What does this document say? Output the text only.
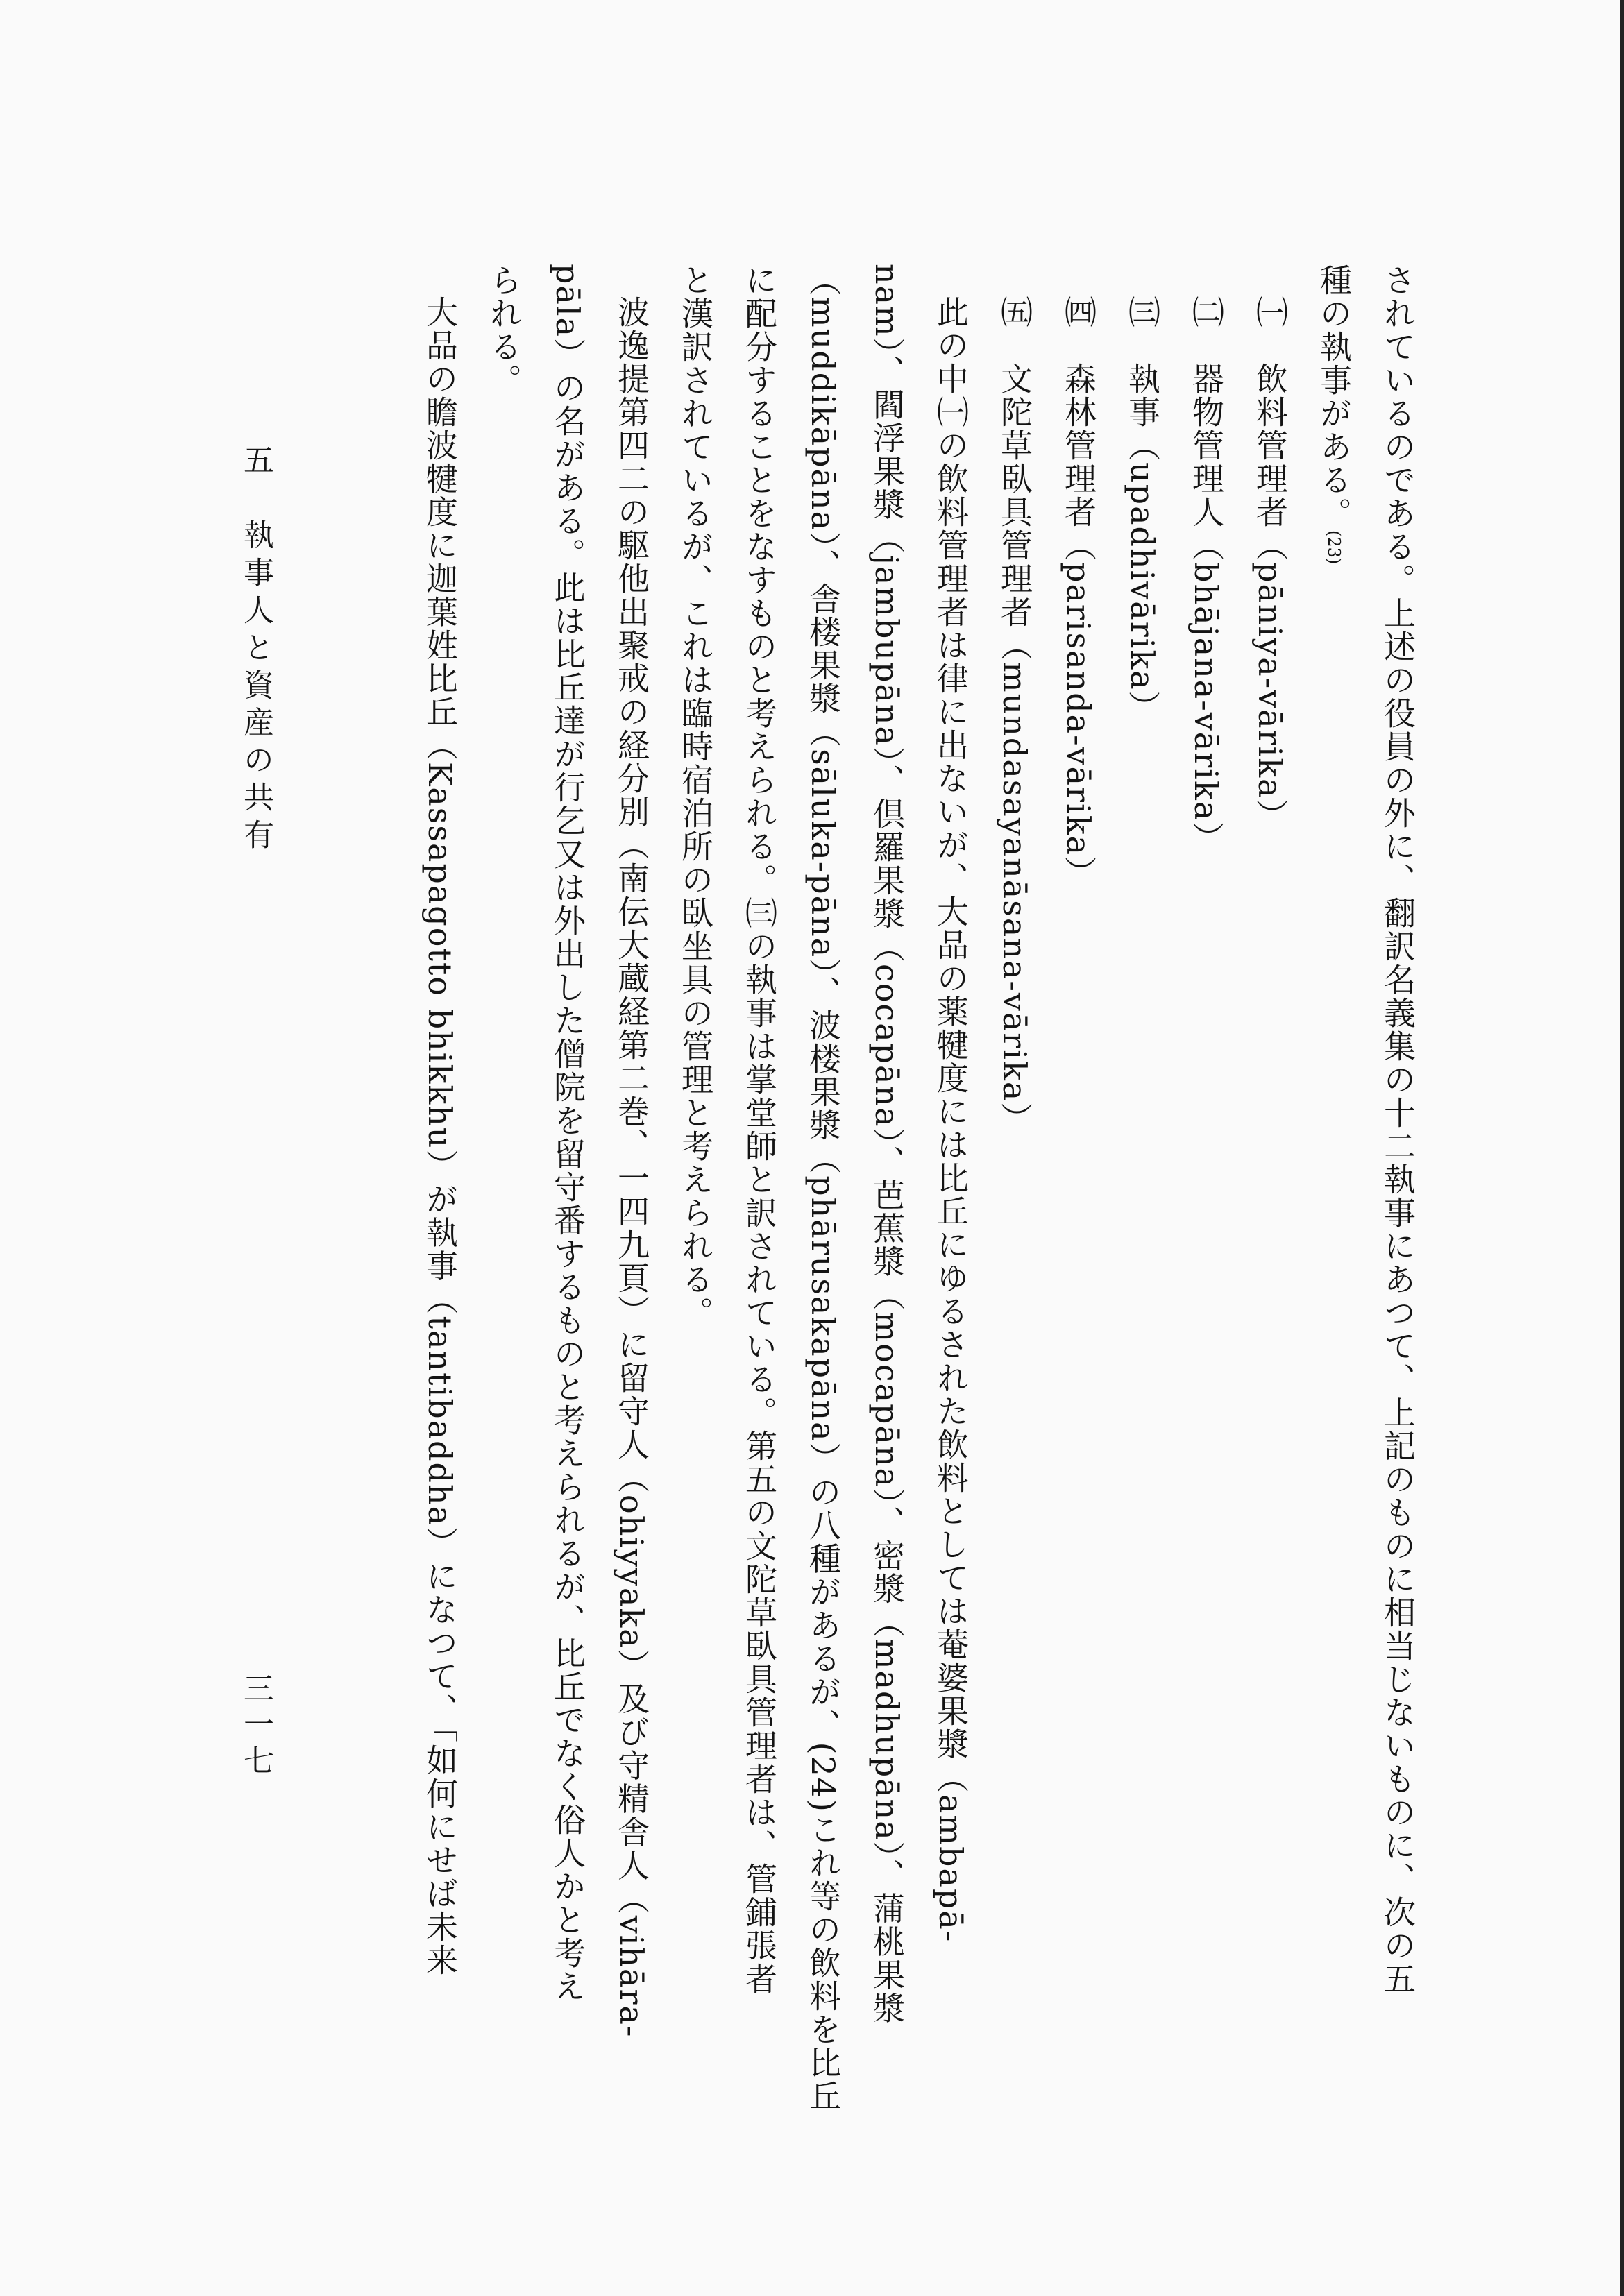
されているのである。上述の役員の外に、翻訳名義集の十二執事にあつて、上記のものに相当じないものに、次の五
種の執事がある。(23)
㈠　飲料管理者（pāniya-vārika）
㈡　器物管理人（bhājana-vārika）
㈢　執事（upadhivārika）
㈣　森林管理者（parisanda-vārika）
㈤　文陀草臥具管理者（mundasayanāsana-vārika）
此の中㈠の飲料管理者は律に出ないが、大品の薬犍度には比丘にゆるされた飲料としては菴婆果漿（ambapā-
nam）、閻浮果漿（jambupāna）、倶羅果漿（cocapāna）、芭蕉漿（mocapāna）、密漿（madhupāna）、蒲桃果漿
（muddikāpāna）、舎楼果漿（sāluka-pāna）、波楼果漿（phārusakapāna）の八種があるが、(24)これ等の飲料を比丘
に配分することをなすものと考えられる。㈢の執事は掌堂師と訳されている。第五の文陀草臥具管理者は、管鋪張者
と漢訳されているが、これは臨時宿泊所の臥坐具の管理と考えられる。
波逸提第四二の駆他出聚戒の経分別（南伝大蔵経第二巻、一四九頁）に留守人（ohiyyaka）及び守精舎人（vihāra-
pāla）の名がある。此は比丘達が行乞又は外出した僧院を留守番するものと考えられるが、比丘でなく俗人かと考え
られる。
大品の瞻波犍度に迦葉姓比丘（Kassapagotto bhikkhu）が執事（tantibaddha）になつて、「如何にせば未来
五　執事人と資産の共有
三一七
